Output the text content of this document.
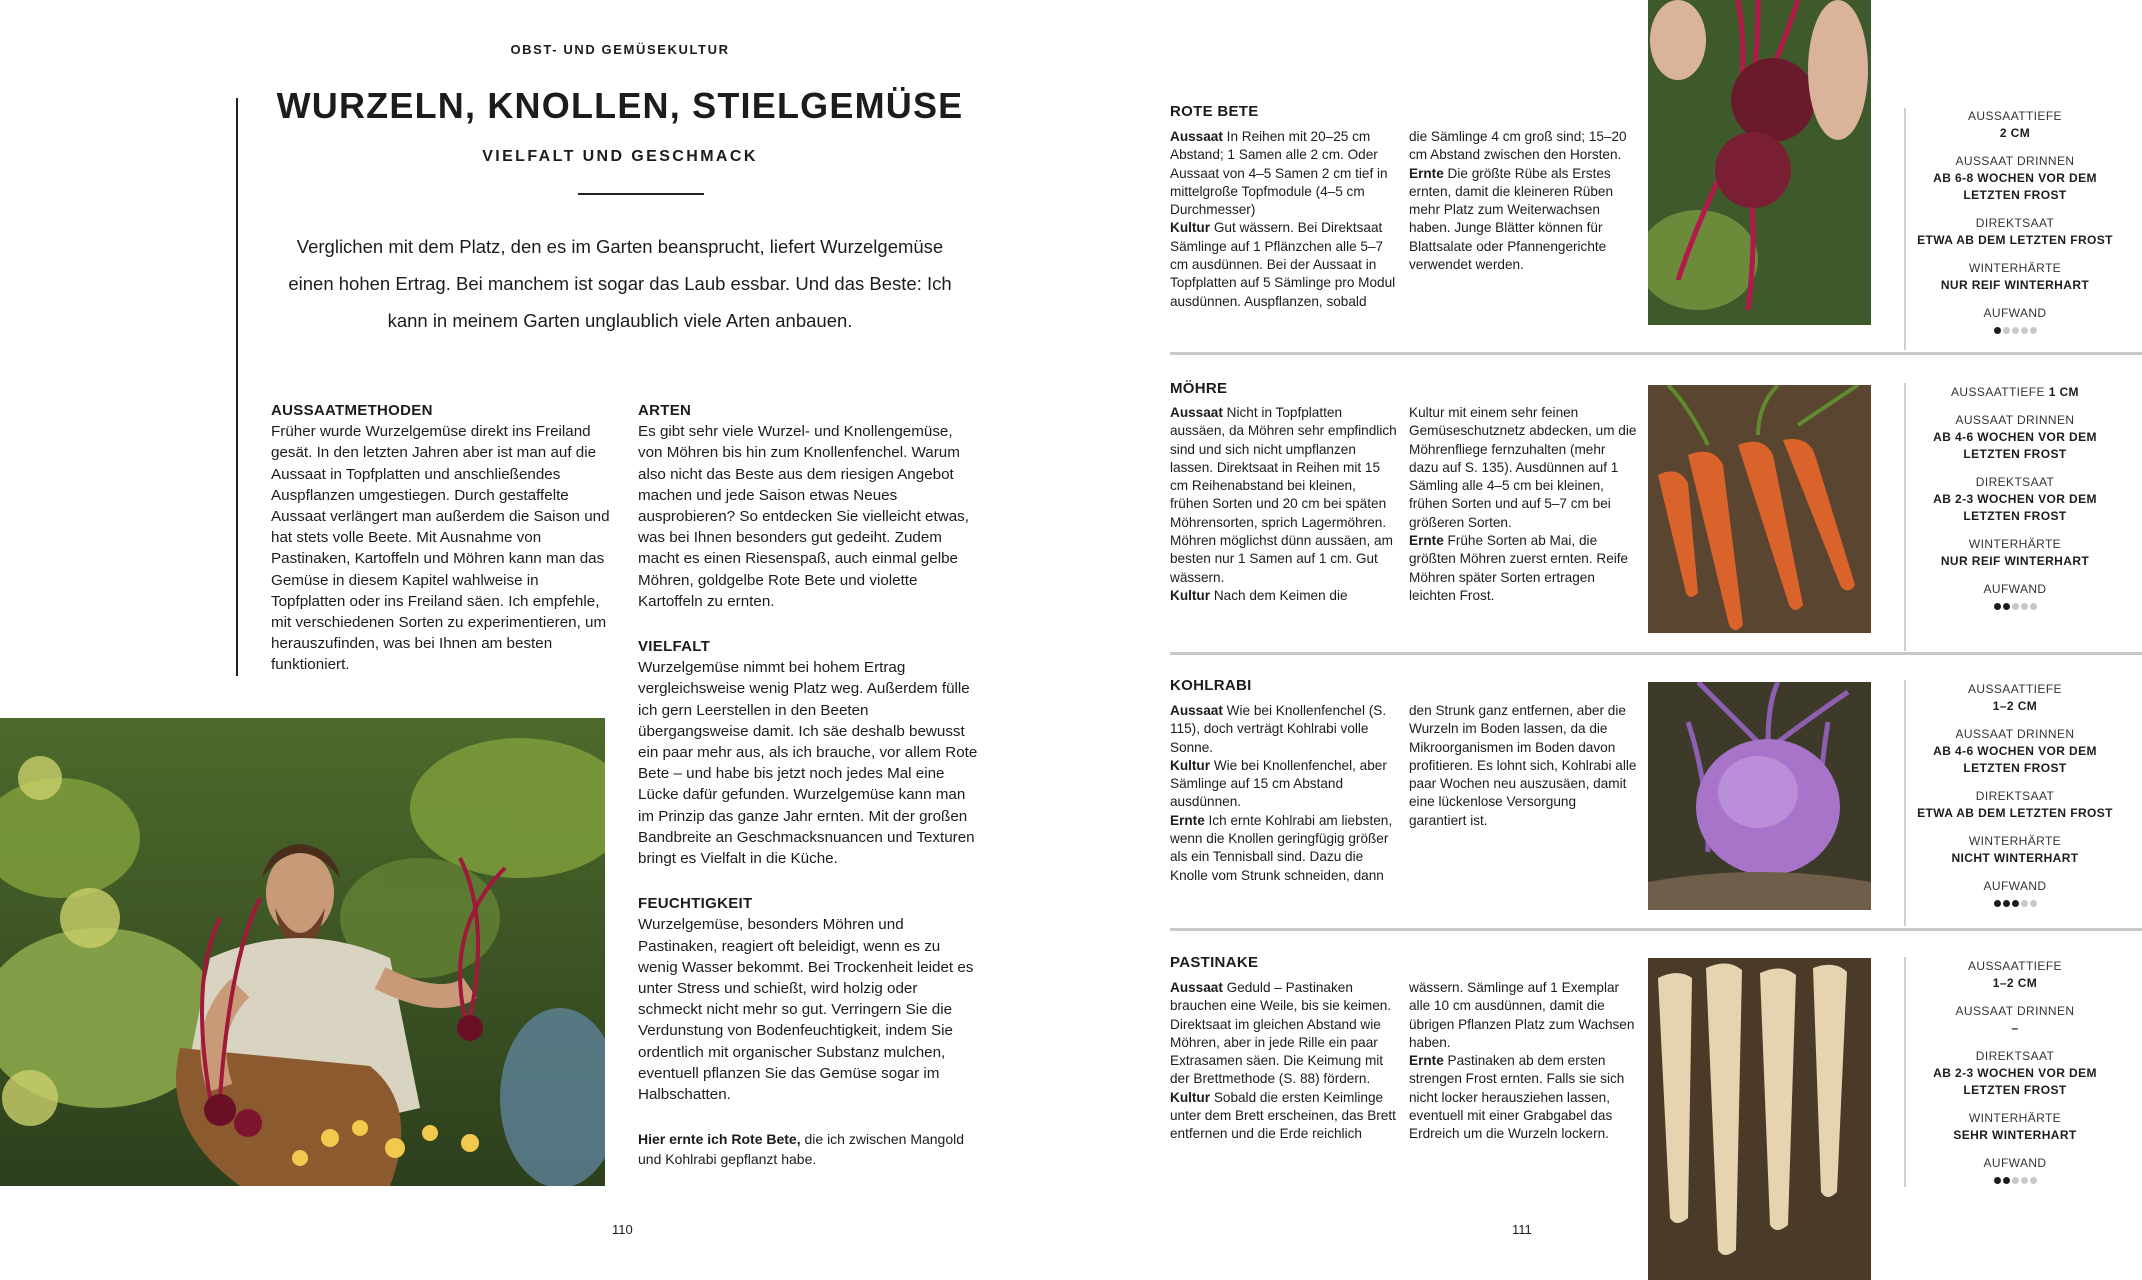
OBST- UND GEMÜSEKULTUR
WURZELN, KNOLLEN, STIELGEMÜSE
VIELFALT UND GESCHMACK
Verglichen mit dem Platz, den es im Garten beansprucht, liefert Wurzelgemüse einen hohen Ertrag. Bei manchem ist sogar das Laub essbar. Und das Beste: Ich kann in meinem Garten unglaublich viele Arten anbauen.
AUSSAATMETHODEN

Früher wurde Wurzelgemüse direkt ins Freiland gesät. In den letzten Jahren aber ist man auf die Aussaat in Topfplatten und anschließendes Auspflanzen umgestiegen. Durch gestaffelte Aussaat verlängert man außerdem die Saison und hat stets volle Beete. Mit Ausnahme von Pastinaken, Kartoffeln und Möhren kann man das Gemüse in diesem Kapitel wahlweise in Topfplatten oder ins Freiland säen. Ich empfehle, mit verschiedenen Sorten zu experimentieren, um herauszufinden, was bei Ihnen am besten funktioniert.

ARTEN

Es gibt sehr viele Wurzel- und Knollengemüse, von Möhren bis hin zum Knollenfenchel. Warum also nicht das Beste aus dem riesigen Angebot machen und jede Saison etwas Neues ausprobieren? So entdecken Sie vielleicht etwas, was bei Ihnen besonders gut gedeiht. Zudem macht es einen Riesenspaß, auch einmal gelbe Möhren, goldgelbe Rote Bete und violette Kartoffeln zu ernten.

VIELFALT

Wurzelgemüse nimmt bei hohem Ertrag vergleichsweise wenig Platz weg. Außerdem fülle ich gern Leerstellen in den Beeten übergangsweise damit. Ich säe deshalb bewusst ein paar mehr aus, als ich brauche, vor allem Rote Bete – und habe bis jetzt noch jedes Mal eine Lücke dafür gefunden. Wurzelgemüse kann man im Prinzip das ganze Jahr ernten. Mit der großen Bandbreite an Geschmacksnuancen und Texturen bringt es Vielfalt in die Küche.

FEUCHTIGKEIT

Wurzelgemüse, besonders Möhren und Pastinaken, reagiert oft beleidigt, wenn es zu wenig Wasser bekommt. Bei Trockenheit leidet es unter Stress und schießt, wird holzig oder schmeckt nicht mehr so gut. Verringern Sie die Verdunstung von Bodenfeuchtigkeit, indem Sie ordentlich mit organischer Substanz mulchen, eventuell pflanzen Sie das Gemüse sogar im Halbschatten.

Hier ernte ich Rote Bete, die ich zwischen Mangold und Kohlrabi gepflanzt habe.
110
ROTE BETE
Aussaat In Reihen mit 20–25 cm Abstand; 1 Samen alle 2 cm. Oder Aussaat von 4–5 Samen 2 cm tief in mittelgroße Topfmodule (4–5 cm Durchmesser)
Kultur Gut wässern. Bei Direktsaat Sämlinge auf 1 Pflänzchen alle 5–7 cm ausdünnen. Bei der Aussaat in Topfplatten auf 5 Sämlinge pro Modul ausdünnen. Auspflanzen, sobald
die Sämlinge 4 cm groß sind; 15–20 cm Abstand zwischen den Horsten.
Ernte Die größte Rübe als Erstes ernten, damit die kleineren Rüben mehr Platz zum Weiterwachsen haben. Junge Blätter können für Blattsalate oder Pfannengerichte verwendet werden.
AUSSAATTIEFE
2 CM
AUSSAAT DRINNEN
AB 6-8 WOCHEN VOR DEM LETZTEN FROST
DIREKTSAAT
ETWA AB DEM LETZTEN FROST
WINTERHÄRTE
NUR REIF WINTERHART
AUFWAND
MÖHRE
Aussaat Nicht in Topfplatten aussäen, da Möhren sehr empfindlich sind und sich nicht umpflanzen lassen. Direktsaat in Reihen mit 15 cm Reihenabstand bei kleinen, frühen Sorten und 20 cm bei späten Möhrensorten, sprich Lagermöhren. Möhren möglichst dünn aussäen, am besten nur 1 Samen auf 1 cm. Gut wässern.
Kultur Nach dem Keimen die
Kultur mit einem sehr feinen Gemüseschutznetz abdecken, um die Möhrenfliege fernzuhalten (mehr dazu auf S. 135). Ausdünnen auf 1 Sämling alle 4–5 cm bei kleinen, frühen Sorten und auf 5–7 cm bei größeren Sorten.
Ernte Frühe Sorten ab Mai, die größten Möhren zuerst ernten. Reife Möhren später Sorten ertragen leichten Frost.
AUSSAATTIEFE 1 CM
AUSSAAT DRINNEN
AB 4-6 WOCHEN VOR DEM LETZTEN FROST
DIREKTSAAT
AB 2-3 WOCHEN VOR DEM LETZTEN FROST
WINTERHÄRTE
NUR REIF WINTERHART
AUFWAND
KOHLRABI
Aussaat Wie bei Knollenfenchel (S. 115), doch verträgt Kohlrabi volle Sonne.
Kultur Wie bei Knollenfenchel, aber Sämlinge auf 15 cm Abstand ausdünnen.
Ernte Ich ernte Kohlrabi am liebsten, wenn die Knollen geringfügig größer als ein Tennisball sind. Dazu die Knolle vom Strunk schneiden, dann
den Strunk ganz entfernen, aber die Wurzeln im Boden lassen, da die Mikroorganismen im Boden davon profitieren. Es lohnt sich, Kohlrabi alle paar Wochen neu auszusäen, damit eine lückenlose Versorgung garantiert ist.
AUSSAATTIEFE
1–2 CM
AUSSAAT DRINNEN
AB 4-6 WOCHEN VOR DEM LETZTEN FROST
DIREKTSAAT
ETWA AB DEM LETZTEN FROST
WINTERHÄRTE
NICHT WINTERHART
AUFWAND
PASTINAKE
Aussaat Geduld – Pastinaken brauchen eine Weile, bis sie keimen. Direktsaat im gleichen Abstand wie Möhren, aber in jede Rille ein paar Extrasamen säen. Die Keimung mit der Brettmethode (S. 88) fördern.
Kultur Sobald die ersten Keimlinge unter dem Brett erscheinen, das Brett entfernen und die Erde reichlich
wässern. Sämlinge auf 1 Exemplar alle 10 cm ausdünnen, damit die übrigen Pflanzen Platz zum Wachsen haben.
Ernte Pastinaken ab dem ersten strengen Frost ernten. Falls sie sich nicht locker herausziehen lassen, eventuell mit einer Grabgabel das Erdreich um die Wurzeln lockern.
AUSSAATTIEFE
1–2 CM
AUSSAAT DRINNEN
–
DIREKTSAAT
AB 2-3 WOCHEN VOR DEM LETZTEN FROST
WINTERHÄRTE
SEHR WINTERHART
AUFWAND
111
